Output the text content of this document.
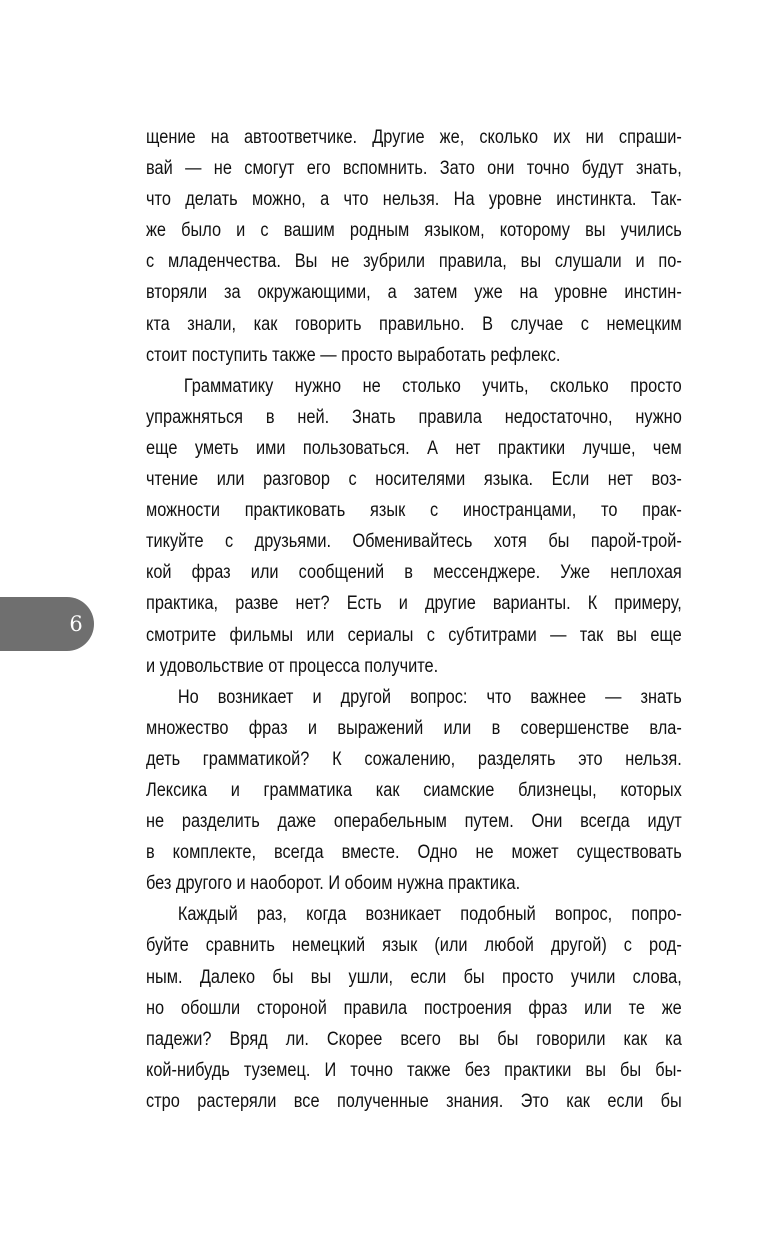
щение на автоответчике. Другие же, сколько их ни спраши-
вай — не смогут его вспомнить. Зато они точно будут знать,
что делать можно, а что нельзя. На уровне инстинкта. Так-
же было и с вашим родным языком, которому вы учились
с младенчества. Вы не зубрили правила, вы слушали и по-
вторяли за окружающими, а затем уже на уровне инстин-
кта знали, как говорить правильно. В случае с немецким
стоит поступить также — просто выработать рефлекс.
Грамматику нужно не столько учить, сколько просто
упражняться в ней. Знать правила недостаточно, нужно
еще уметь ими пользоваться. А нет практики лучше, чем
чтение или разговор с носителями языка. Если нет воз-
можности практиковать язык с иностранцами, то прак-
тикуйте с друзьями. Обменивайтесь хотя бы парой-трой-
кой фраз или сообщений в мессенджере. Уже неплохая
практика, разве нет? Есть и другие варианты. К примеру,
смотрите фильмы или сериалы с субтитрами — так вы еще
и удовольствие от процесса получите.
Но возникает и другой вопрос: что важнее — знать
множество фраз и выражений или в совершенстве вла-
деть грамматикой? К сожалению, разделять это нельзя.
Лексика и грамматика как сиамские близнецы, которых
не разделить даже операбельным путем. Они всегда идут
в комплекте, всегда вместе. Одно не может существовать
без другого и наоборот. И обоим нужна практика.
Каждый раз, когда возникает подобный вопрос, попро-
буйте сравнить немецкий язык (или любой другой) с род-
ным. Далеко бы вы ушли, если бы просто учили слова,
но обошли стороной правила построения фраз или те же
падежи? Вряд ли. Скорее всего вы бы говорили как ка
кой-нибудь туземец. И точно также без практики вы бы бы-
стро растеряли все полученные знания. Это как если бы
6
